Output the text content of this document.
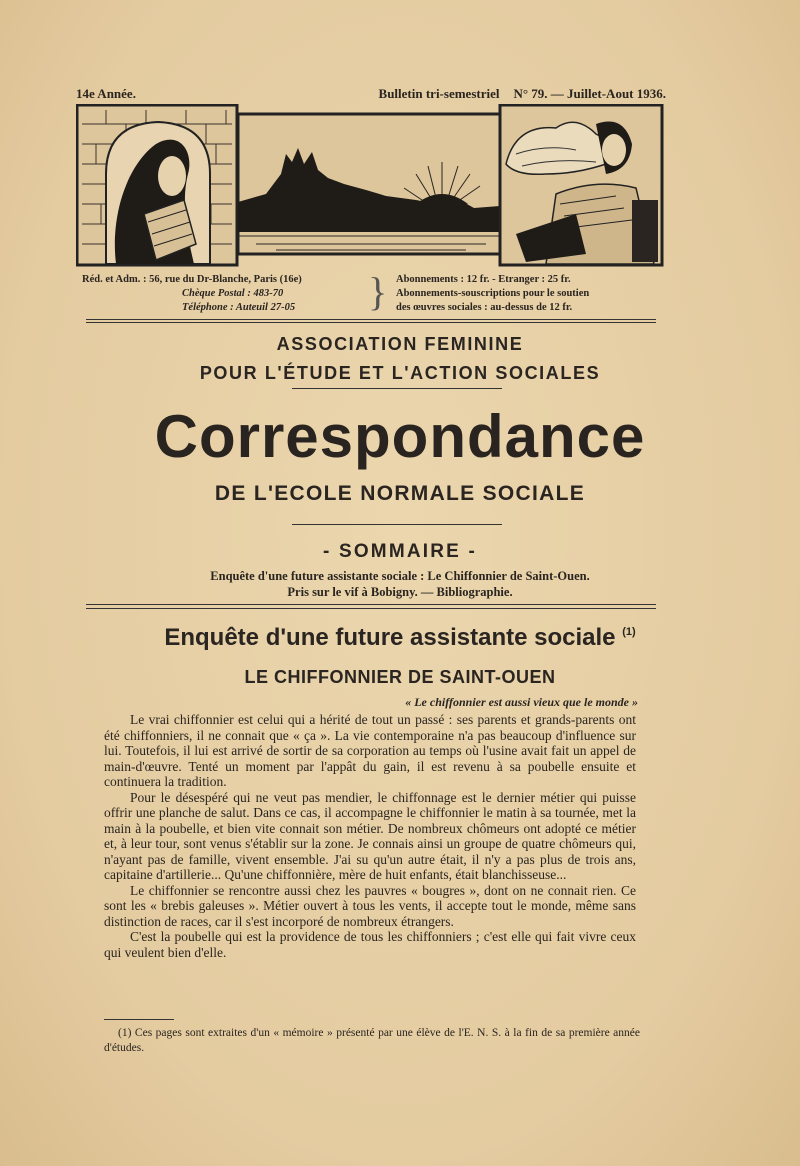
14e Année.	Bulletin tri-semestriel N° 79. — Juillet-Aout 1936.
Réd. et Adm. : 56, rue du Dr-Blanche, Paris (16e)
Chèque Postal : 483-70
Téléphone : Auteuil 27-05	} Abonnements : 12 fr. - Etranger : 25 fr.
Abonnements-souscriptions pour le soutien
des œuvres sociales : au-dessus de 12 fr.
ASSOCIATION FEMININE
POUR L'ÉTUDE ET L'ACTION SOCIALES
Correspondance
DE L'ECOLE NORMALE SOCIALE
- SOMMAIRE -
Enquête d'une future assistante sociale : Le Chiffonnier de Saint-Ouen.
Pris sur le vif à Bobigny. — Bibliographie.
Enquête d'une future assistante sociale $^{(1)}$
LE CHIFFONNIER DE SAINT-OUEN
« Le chiffonnier est aussi vieux que le monde »

Le vrai chiffonnier est celui qui a hérité de tout un passé : ses parents et grands-parents ont été chiffonniers, il ne connait que « ça ». La vie contemporaine n'a pas beaucoup d'influence sur lui. Toutefois, il lui est arrivé de sortir de sa corporation au temps où l'usine avait fait un appel de main-d'œuvre. Tenté un moment par l'appât du gain, il est revenu à sa poubelle ensuite et continuera la tradition.

Pour le désespéré qui ne veut pas mendier, le chiffonnage est le dernier métier qui puisse offrir une planche de salut. Dans ce cas, il accompagne le chiffonnier le matin à sa tournée, met la main à la poubelle, et bien vite connait son métier. De nombreux chômeurs ont adopté ce métier et, à leur tour, sont venus s'établir sur la zone. Je connais ainsi un groupe de quatre chômeurs qui, n'ayant pas de famille, vivent ensemble. J'ai su qu'un autre était, il n'y a pas plus de trois ans, capitaine d'artillerie... Qu'une chiffonnière, mère de huit enfants, était blanchisseuse...

Le chiffonnier se rencontre aussi chez les pauvres « bougres », dont on ne connait rien. Ce sont les « brebis galeuses ». Métier ouvert à tous les vents, il accepte tout le monde, même sans distinction de races, car il s'est incorporé de nombreux étrangers.

C'est la poubelle qui est la providence de tous les chiffonniers ; c'est elle qui fait vivre ceux qui veulent bien d'elle.

(1) Ces pages sont extraites d'un « mémoire » présenté par une élève de l'E. N. S. à la fin de sa première année d'études.
